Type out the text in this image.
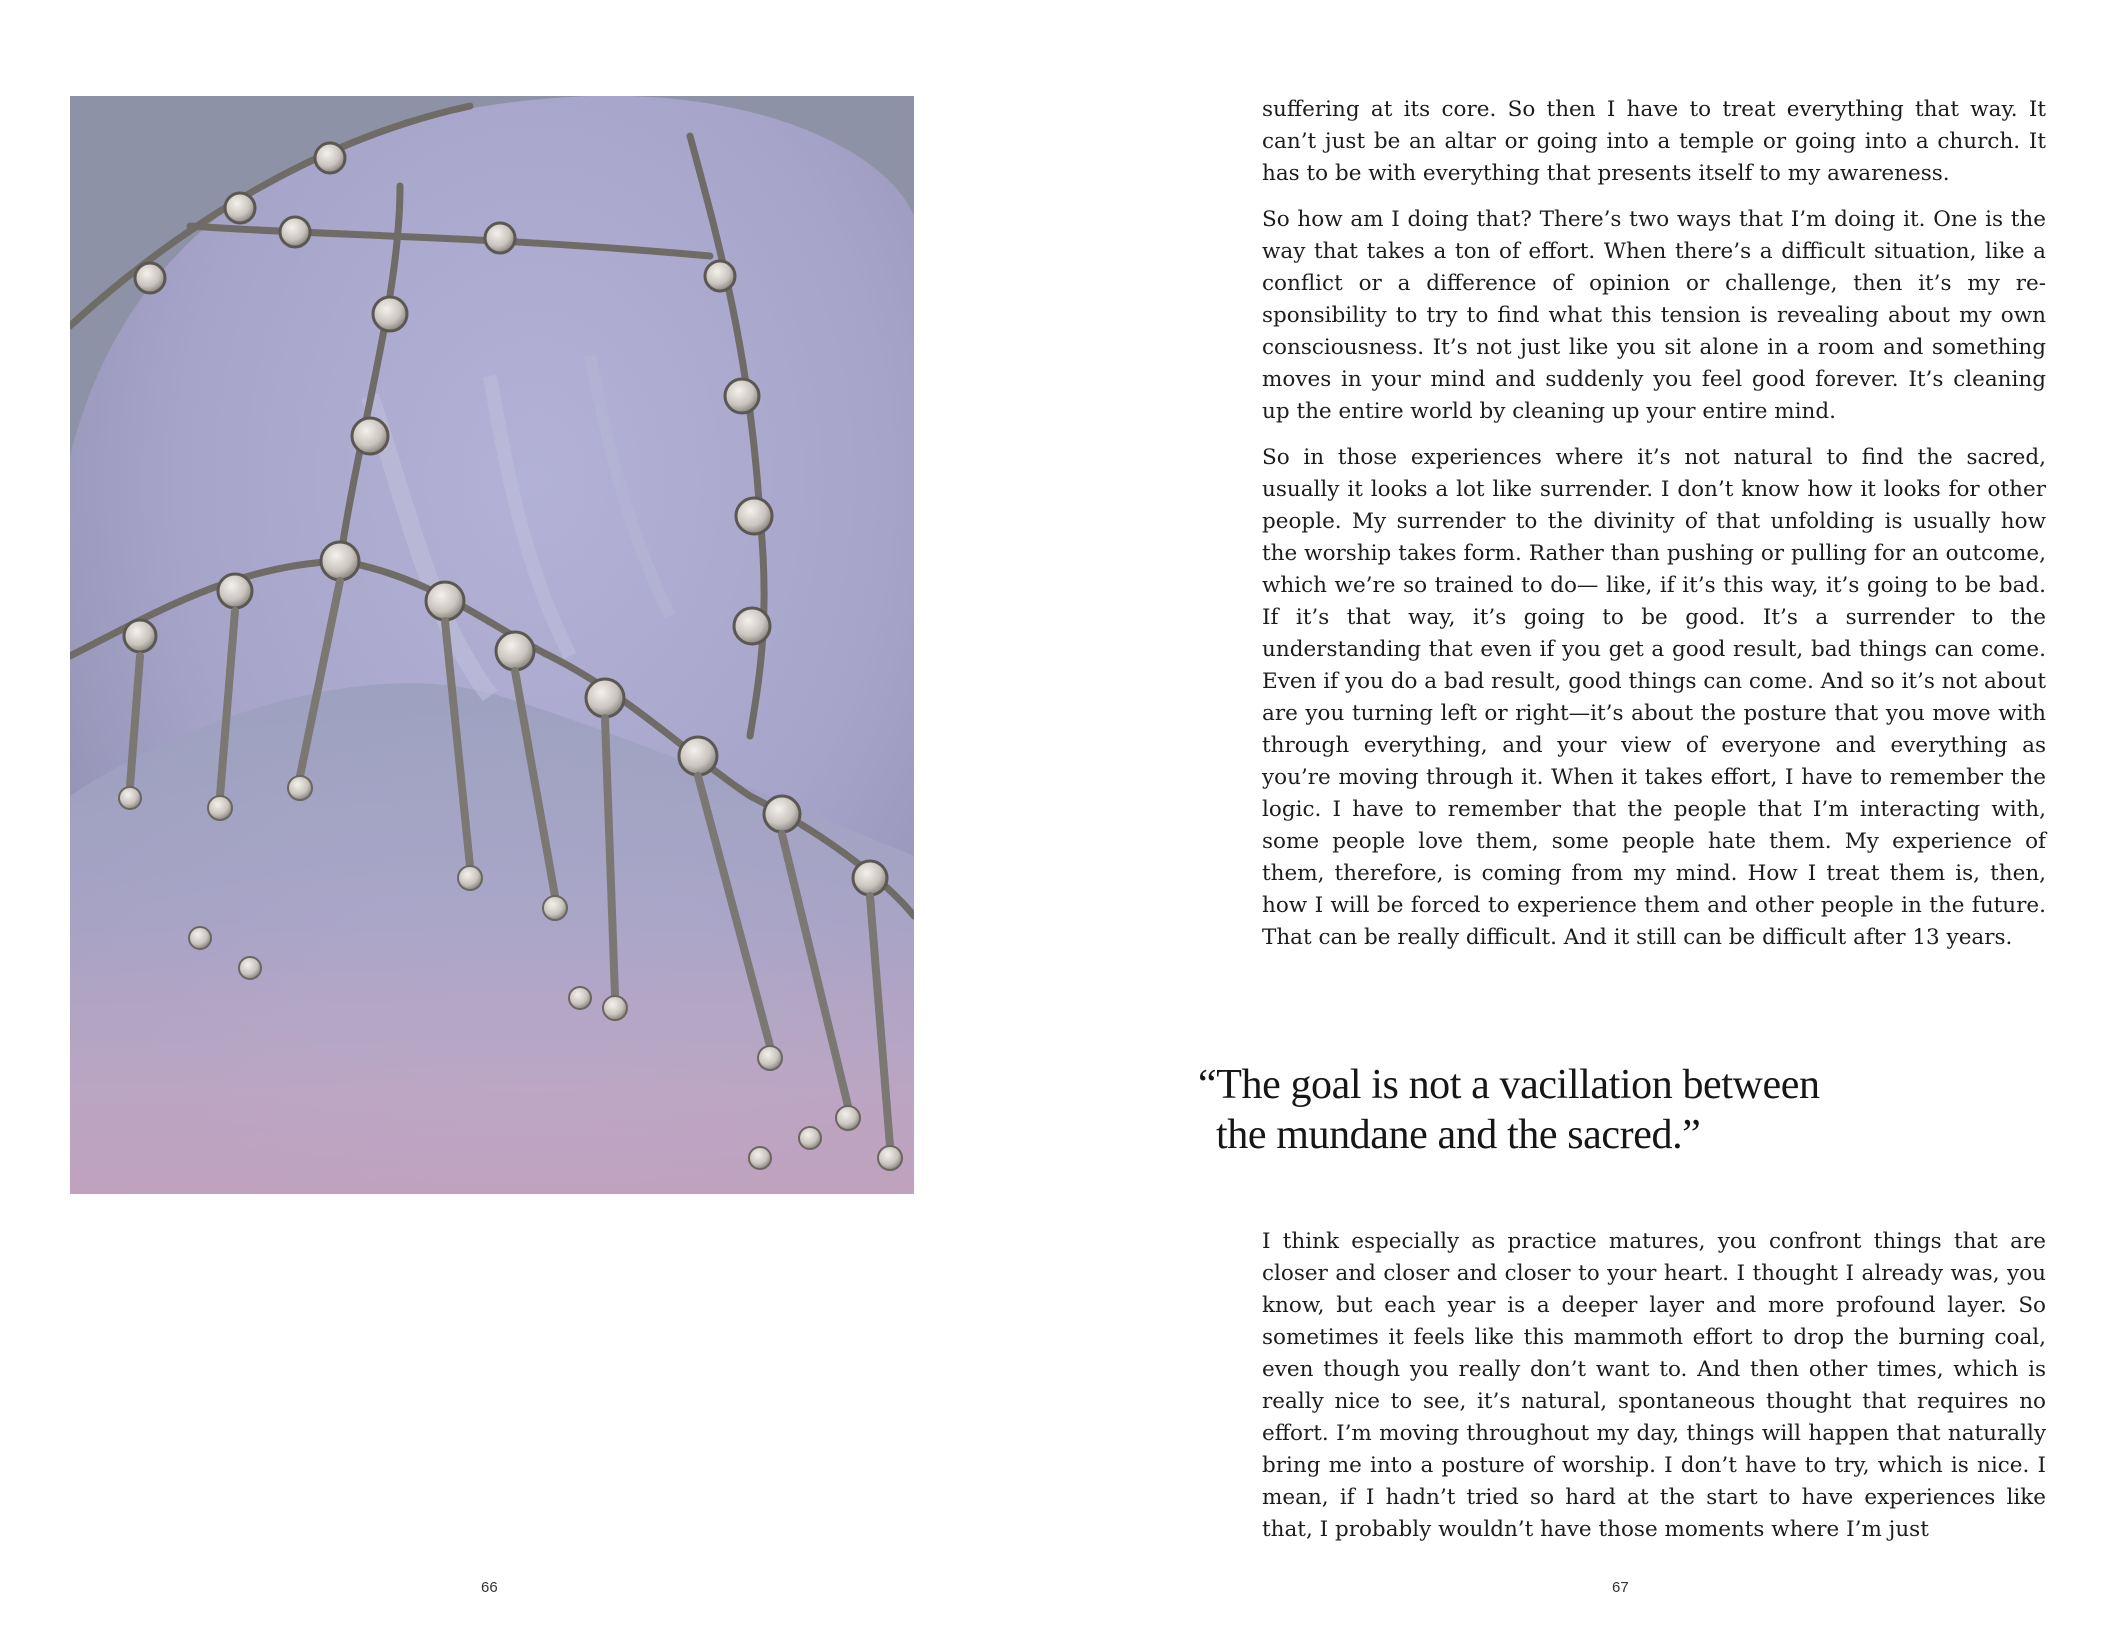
66

suffering at its core. So then I have to treat everything that way. It can’t just be an altar or going into a temple or going into a church. It has to be with everything that presents itself to my awareness.

So how am I doing that? There’s two ways that I’m doing it. One is the way that takes a ton of effort. When there’s a difficult situation, like a conflict or a difference of opinion or challenge, then it’s my responsibility to try to find what this tension is revealing about my own consciousness. It’s not just like you sit alone in a room and something moves in your mind and suddenly you feel good forever. It’s cleaning up the entire world by cleaning up your entire mind.

So in those experiences where it’s not natural to find the sacred, usually it looks a lot like surrender. I don’t know how it looks for other people. My surrender to the divinity of that unfolding is usually how the worship takes form. Rather than pushing or pulling for an outcome, which we’re so trained to do— like, if it’s this way, it’s going to be bad. If it’s that way, it’s going to be good. It’s a surrender to the understanding that even if you get a good result, bad things can come. Even if you do a bad result, good things can come. And so it’s not about are you turning left or right—it’s about the posture that you move with through everything, and your view of everyone and everything as you’re moving through it. When it takes effort, I have to remember the logic. I have to remember that the people that I’m interacting with, some people love them, some people hate them. My experience of them, therefore, is coming from my mind. How I treat them is, then, how I will be forced to experience them and other people in the future. That can be really difficult. And it still can be difficult after 13 years.

“The goal is not a vacillation between
the mundane and the sacred.”

I think especially as practice matures, you confront things that are closer and closer and closer to your heart. I thought I already was, you know, but each year is a deeper layer and more profound layer. So sometimes it feels like this mammoth effort to drop the burning coal, even though you really don’t want to. And then other times, which is really nice to see, it’s natural, spontaneous thought that requires no effort. I’m moving throughout my day, things will happen that naturally bring me into a posture of worship. I don’t have to try, which is nice. I mean, if I hadn’t tried so hard at the start to have experiences like that, I probably wouldn’t have those moments where I’m just

67
